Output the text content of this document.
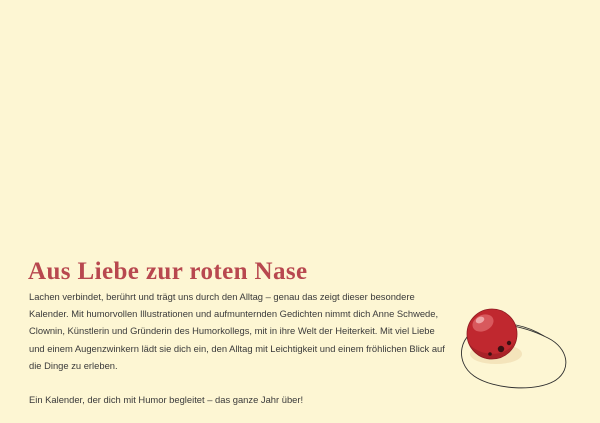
Aus Liebe zur roten Nase

Lachen verbindet, berührt und trägt uns durch den Alltag – genau das zeigt dieser besondere Kalender. Mit humorvollen Illustrationen und aufmunternden Gedichten nimmt dich Anne Schwede, Clownin, Künstlerin und Gründerin des Humorkollegs, mit in ihre Welt der Heiterkeit. Mit viel Liebe und einem Augenzwinkern lädt sie dich ein, den Alltag mit Leichtigkeit und einem fröhlichen Blick auf die Dinge zu erleben.

Ein Kalender, der dich mit Humor begleitet – das ganze Jahr über!
